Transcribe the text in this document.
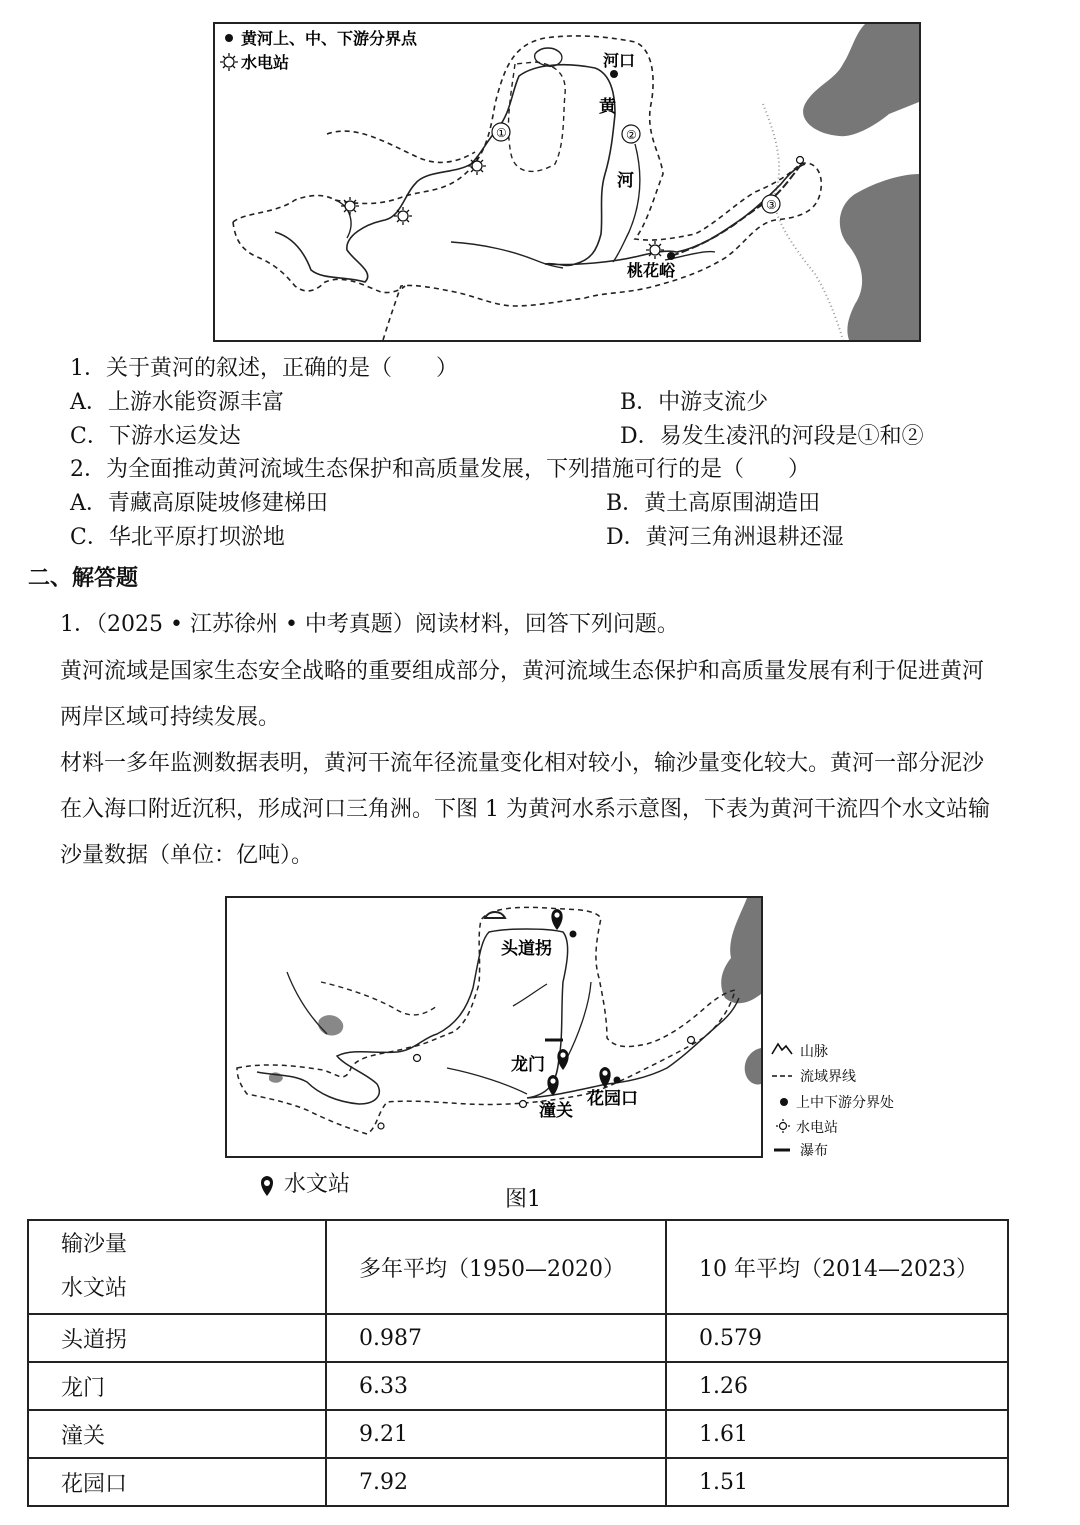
黄河上、中、下游分界点
水电站	河口
黄
河
桃花峪
①	②
③
1．关于黄河的叙述，正确的是（　　）
A．上游水能资源丰富	B．中游支流少
C．下游水运发达	D．易发生凌汛的河段是①和②
2．为全面推动黄河流域生态保护和高质量发展，下列措施可行的是（　　）
A．青藏高原陡坡修建梯田	B．黄土高原围湖造田
C．华北平原打坝淤地	D．黄河三角洲退耕还湿
二、解答题
1．（2025 • 江苏徐州 • 中考真题）阅读材料，回答下列问题。
黄河流域是国家生态安全战略的重要组成部分，黄河流域生态保护和高质量发展有利于促进黄河
两岸区域可持续发展。
材料一多年监测数据表明，黄河干流年径流量变化相对较小，输沙量变化较大。黄河一部分泥沙
在入海口附近沉积，形成河口三角洲。下图 1 为黄河水系示意图，下表为黄河干流四个水文站输
沙量数据（单位：亿吨）。
头道拐
龙门
潼关
花园口
山脉
流域界线
上中下游分界处
水电站
瀑布
水文站
图1
输沙量
水文站	多年平均（1950—2020）	10 年平均（2014—2023）
头道拐	0.987	0.579
龙门	6.33	1.26
潼关	9.21	1.61
花园口	7.92	1.51
